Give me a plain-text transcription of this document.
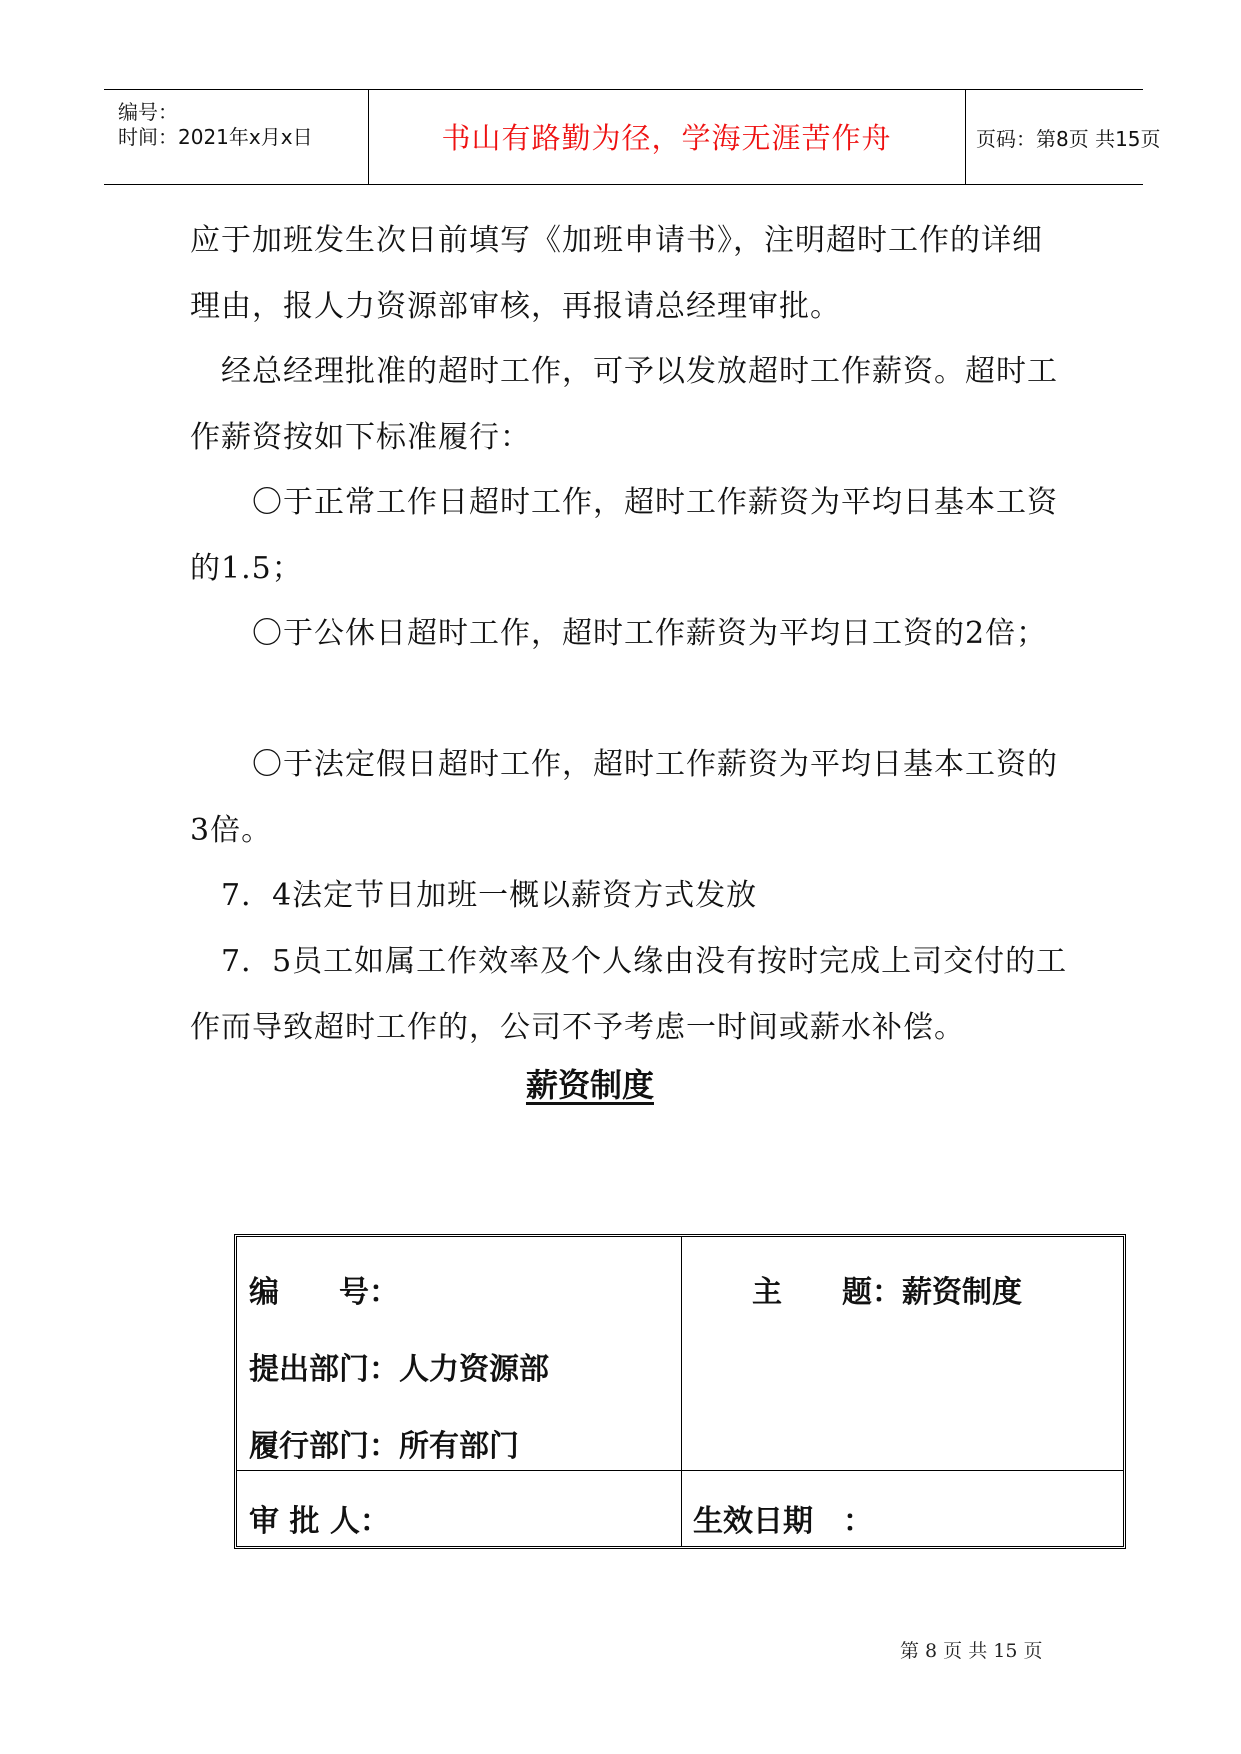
编号：
时间：2021年x月x日	书山有路勤为径，学海无涯苦作舟	页码：第8页 共15页

应于加班发生次日前填写《加班申请书》，注明超时工作的详细理由，报人力资源部审核，再报请总经理审批。

　经总经理批准的超时工作，可予以发放超时工作薪资。超时工作薪资按如下标准履行：

　　〇于正常工作日超时工作，超时工作薪资为平均日基本工资的1.5；

　　〇于公休日超时工作，超时工作薪资为平均日工资的2倍；

　　〇于法定假日超时工作，超时工作薪资为平均日基本工资的3倍。

　7．4法定节日加班一概以薪资方式发放

　7．5员工如属工作效率及个人缘由没有按时完成上司交付的工作而导致超时工作的，公司不予考虑一时间或薪水补偿。

薪资制度
编　　号：	主　　题：薪资制度
提出部门：人力资源部
履行部门：所有部门
审 批 人：	生效日期　：
第 8 页 共 15 页
